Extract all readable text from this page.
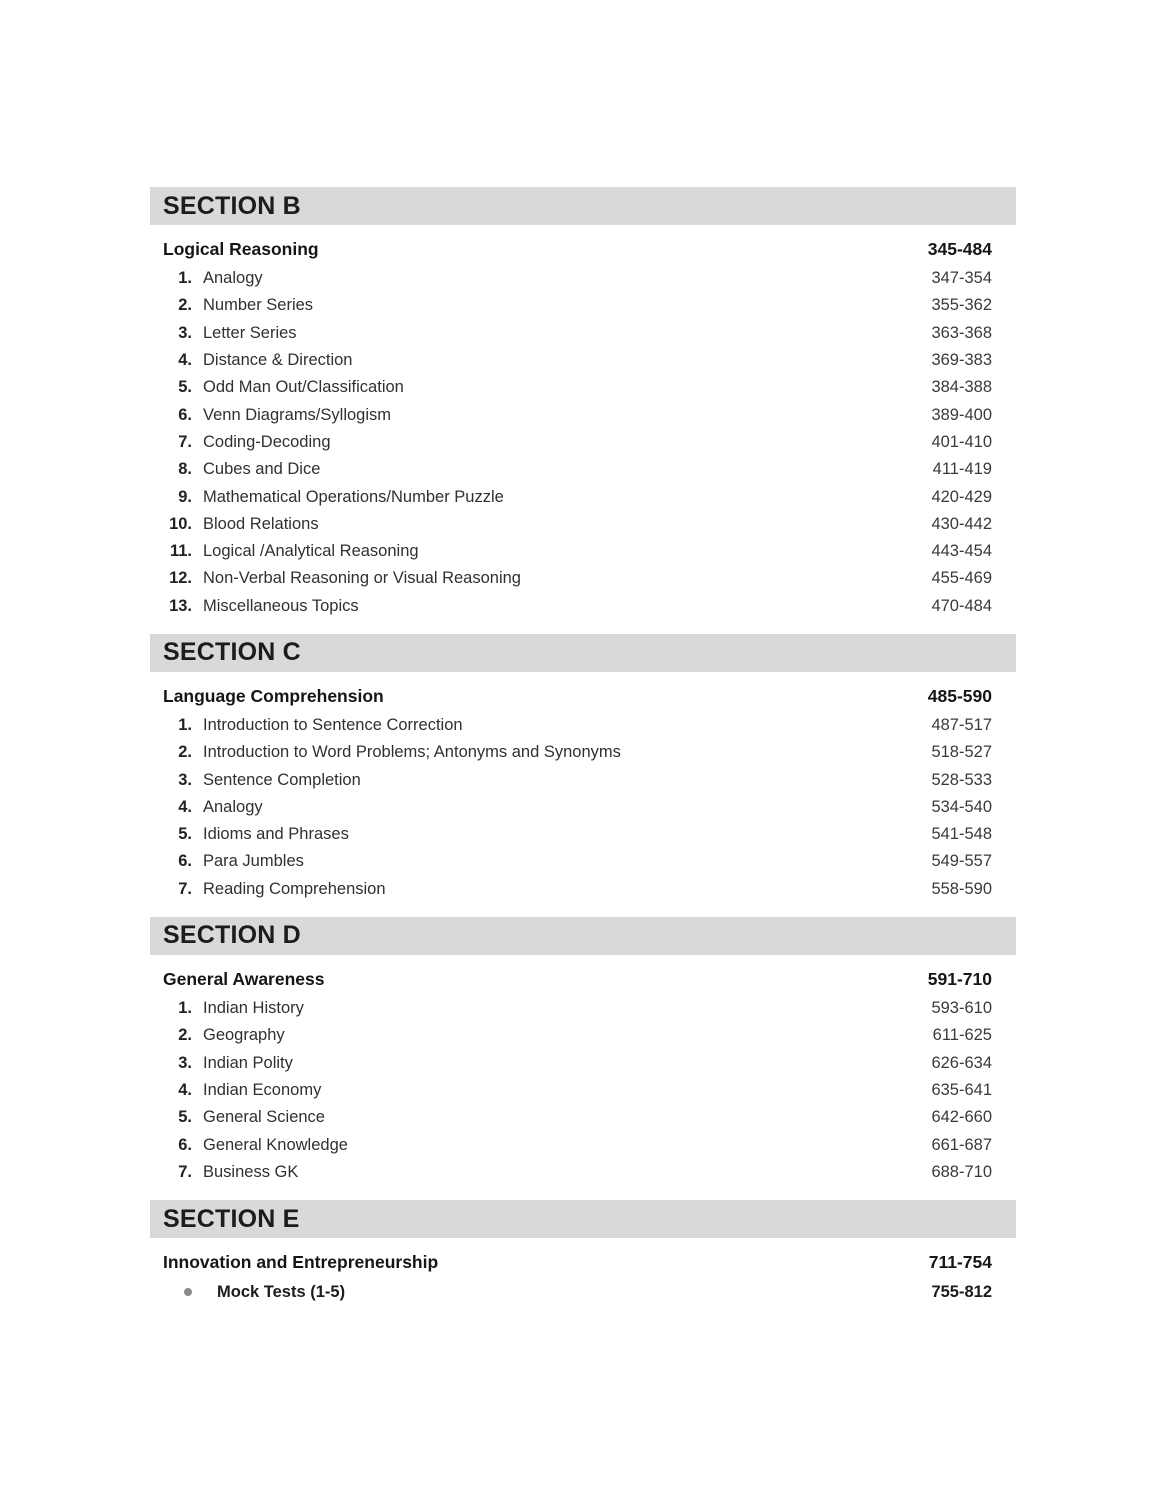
SECTION B
Logical Reasoning	345-484
1. Analogy	347-354
2. Number Series	355-362
3. Letter Series	363-368
4. Distance & Direction	369-383
5. Odd Man Out/Classification	384-388
6. Venn Diagrams/Syllogism	389-400
7. Coding-Decoding	401-410
8. Cubes and Dice	411-419
9. Mathematical Operations/Number Puzzle	420-429
10. Blood Relations	430-442
11. Logical /Analytical Reasoning	443-454
12. Non-Verbal Reasoning or Visual Reasoning	455-469
13. Miscellaneous Topics	470-484
SECTION C
Language Comprehension	485-590
1. Introduction to Sentence Correction	487-517
2. Introduction to Word Problems; Antonyms and Synonyms	518-527
3. Sentence Completion	528-533
4. Analogy	534-540
5. Idioms and Phrases	541-548
6. Para Jumbles	549-557
7. Reading Comprehension	558-590
SECTION D
General Awareness	591-710
1. Indian History	593-610
2. Geography	611-625
3. Indian Polity	626-634
4. Indian Economy	635-641
5. General Science	642-660
6. General Knowledge	661-687
7. Business GK	688-710
SECTION E
Innovation and Entrepreneurship	711-754
Mock Tests (1-5)	755-812
